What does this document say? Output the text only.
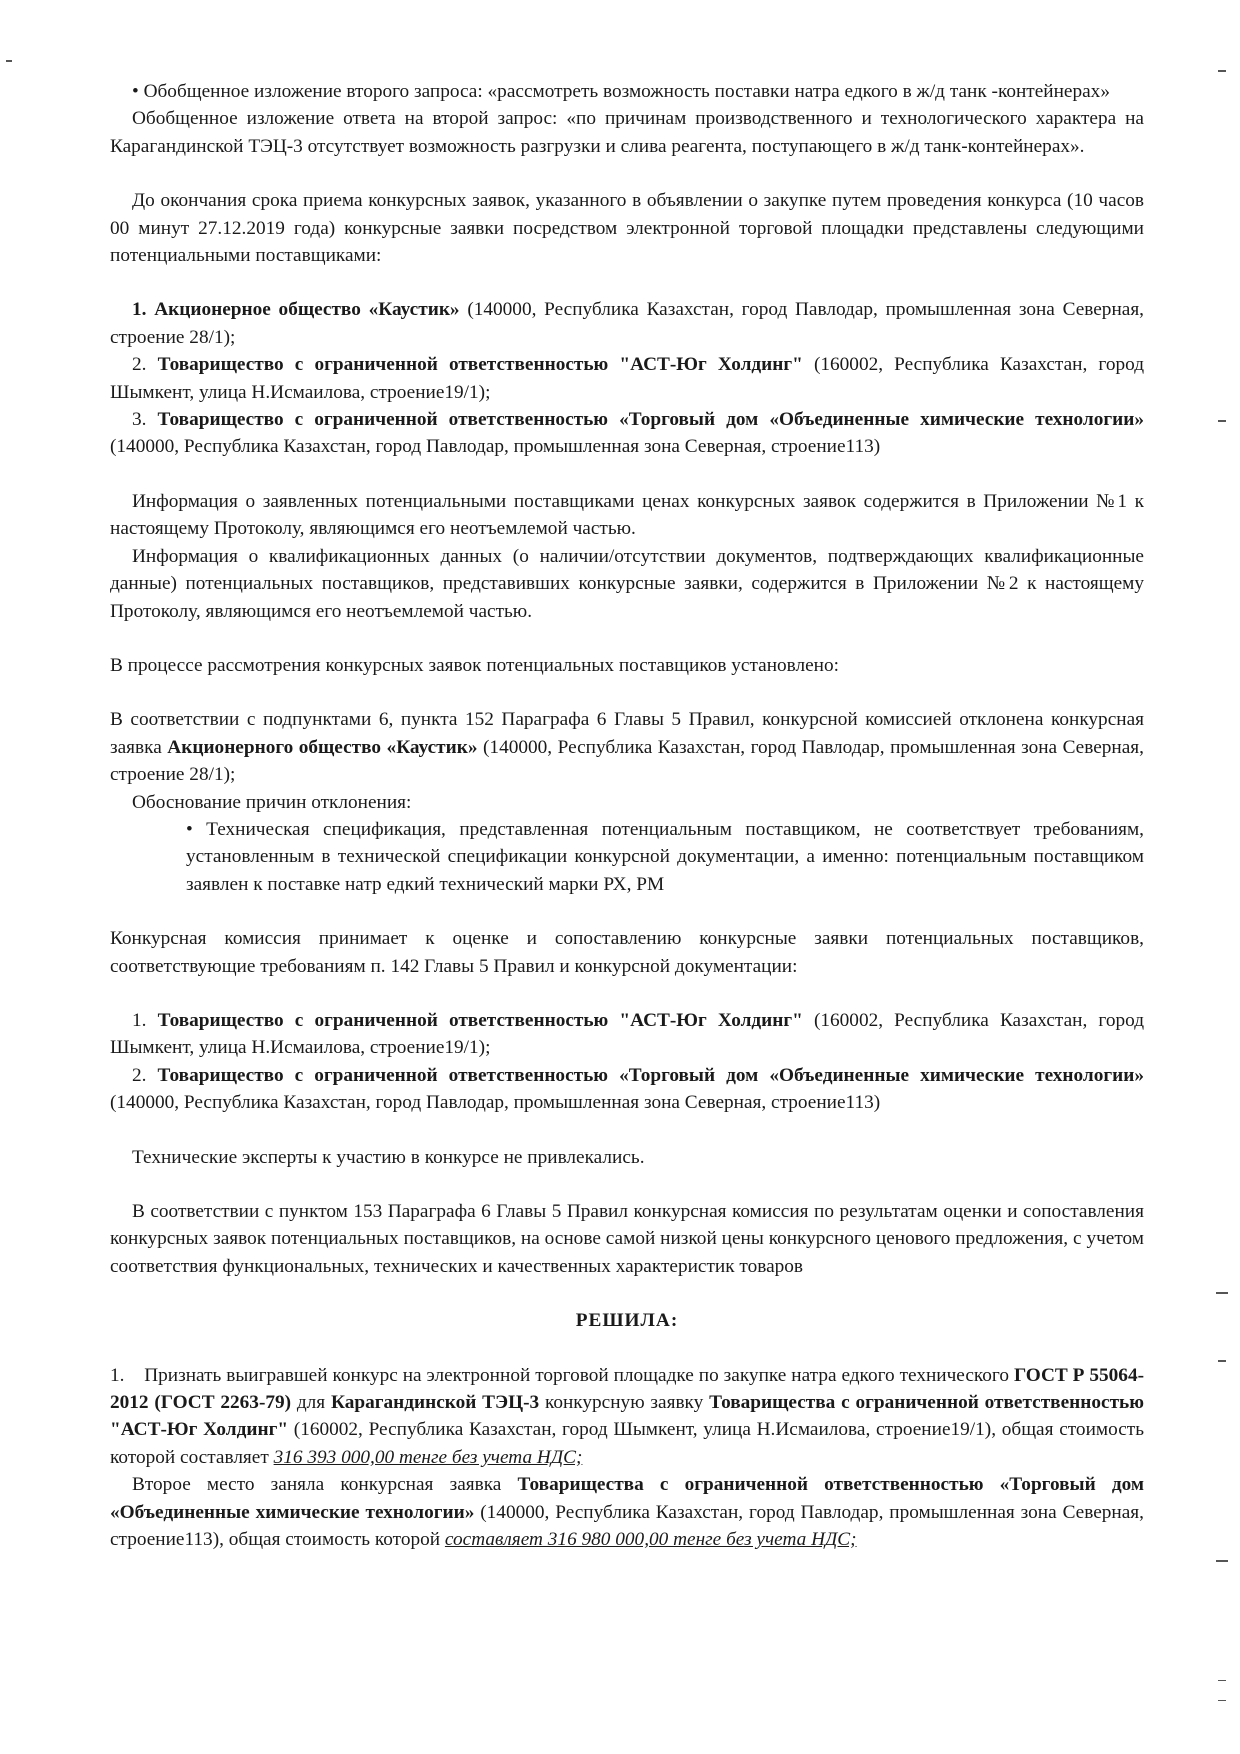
• Обобщенное изложение второго запроса: «рассмотреть возможность поставки натра едкого в ж/д танк -контейнерах»

Обобщенное изложение ответа на второй запрос: «по причинам производственного и технологического характера на Карагандинской ТЭЦ-3 отсутствует возможность разгрузки и слива реагента, поступающего в ж/д танк-контейнерах».

До окончания срока приема конкурсных заявок, указанного в объявлении о закупке путем проведения конкурса (10 часов 00 минут 27.12.2019 года) конкурсные заявки посредством электронной торговой площадки представлены следующими потенциальными поставщиками:

1. Акционерное общество «Каустик» (140000, Республика Казахстан, город Павлодар, промышленная зона Северная, строение 28/1);

2. Товарищество с ограниченной ответственностью "АСТ-Юг Холдинг" (160002, Республика Казахстан, город Шымкент, улица Н.Исмаилова, строение19/1);

3. Товарищество с ограниченной ответственностью «Торговый дом «Объединенные химические технологии» (140000, Республика Казахстан, город Павлодар, промышленная зона Северная, строение113)

Информация о заявленных потенциальными поставщиками ценах конкурсных заявок содержится в Приложении №1 к настоящему Протоколу, являющимся его неотъемлемой частью.

Информация о квалификационных данных (о наличии/отсутствии документов, подтверждающих квалификационные данные) потенциальных поставщиков, представивших конкурсные заявки, содержится в Приложении №2 к настоящему Протоколу, являющимся его неотъемлемой частью.

В процессе рассмотрения конкурсных заявок потенциальных поставщиков установлено:

В соответствии с подпунктами 6, пункта 152 Параграфа 6 Главы 5 Правил, конкурсной комиссией отклонена конкурсная заявка Акционерного общество «Каустик» (140000, Республика Казахстан, город Павлодар, промышленная зона Северная, строение 28/1);

Обоснование причин отклонения:

• Техническая спецификация, представленная потенциальным поставщиком, не соответствует требованиям, установленным в технической спецификации конкурсной документации, а именно: потенциальным поставщиком заявлен к поставке натр едкий технический марки РХ, РМ

Конкурсная комиссия принимает к оценке и сопоставлению конкурсные заявки потенциальных поставщиков, соответствующие требованиям п. 142 Главы 5 Правил и конкурсной документации:

1. Товарищество с ограниченной ответственностью "АСТ-Юг Холдинг" (160002, Республика Казахстан, город Шымкент, улица Н.Исмаилова, строение19/1);

2. Товарищество с ограниченной ответственностью «Торговый дом «Объединенные химические технологии» (140000, Республика Казахстан, город Павлодар, промышленная зона Северная, строение113)

Технические эксперты к участию в конкурсе не привлекались.

В соответствии с пунктом 153 Параграфа 6 Главы 5 Правил конкурсная комиссия по результатам оценки и сопоставления конкурсных заявок потенциальных поставщиков, на основе самой низкой цены конкурсного ценового предложения, с учетом соответствия функциональных, технических и качественных характеристик товаров

РЕШИЛА:

1. Признать выигравшей конкурс на электронной торговой площадке по закупке натра едкого технического ГОСТ Р 55064-2012 (ГОСТ 2263-79) для Карагандинской ТЭЦ-3 конкурсную заявку Товарищества с ограниченной ответственностью "АСТ-Юг Холдинг" (160002, Республика Казахстан, город Шымкент, улица Н.Исмаилова, строение19/1), общая стоимость которой составляет 316 393 000,00 тенге без учета НДС;

Второе место заняла конкурсная заявка Товарищества с ограниченной ответственностью «Торговый дом «Объединенные химические технологии» (140000, Республика Казахстан, город Павлодар, промышленная зона Северная, строение113), общая стоимость которой составляет 316 980 000,00 тенге без учета НДС;
